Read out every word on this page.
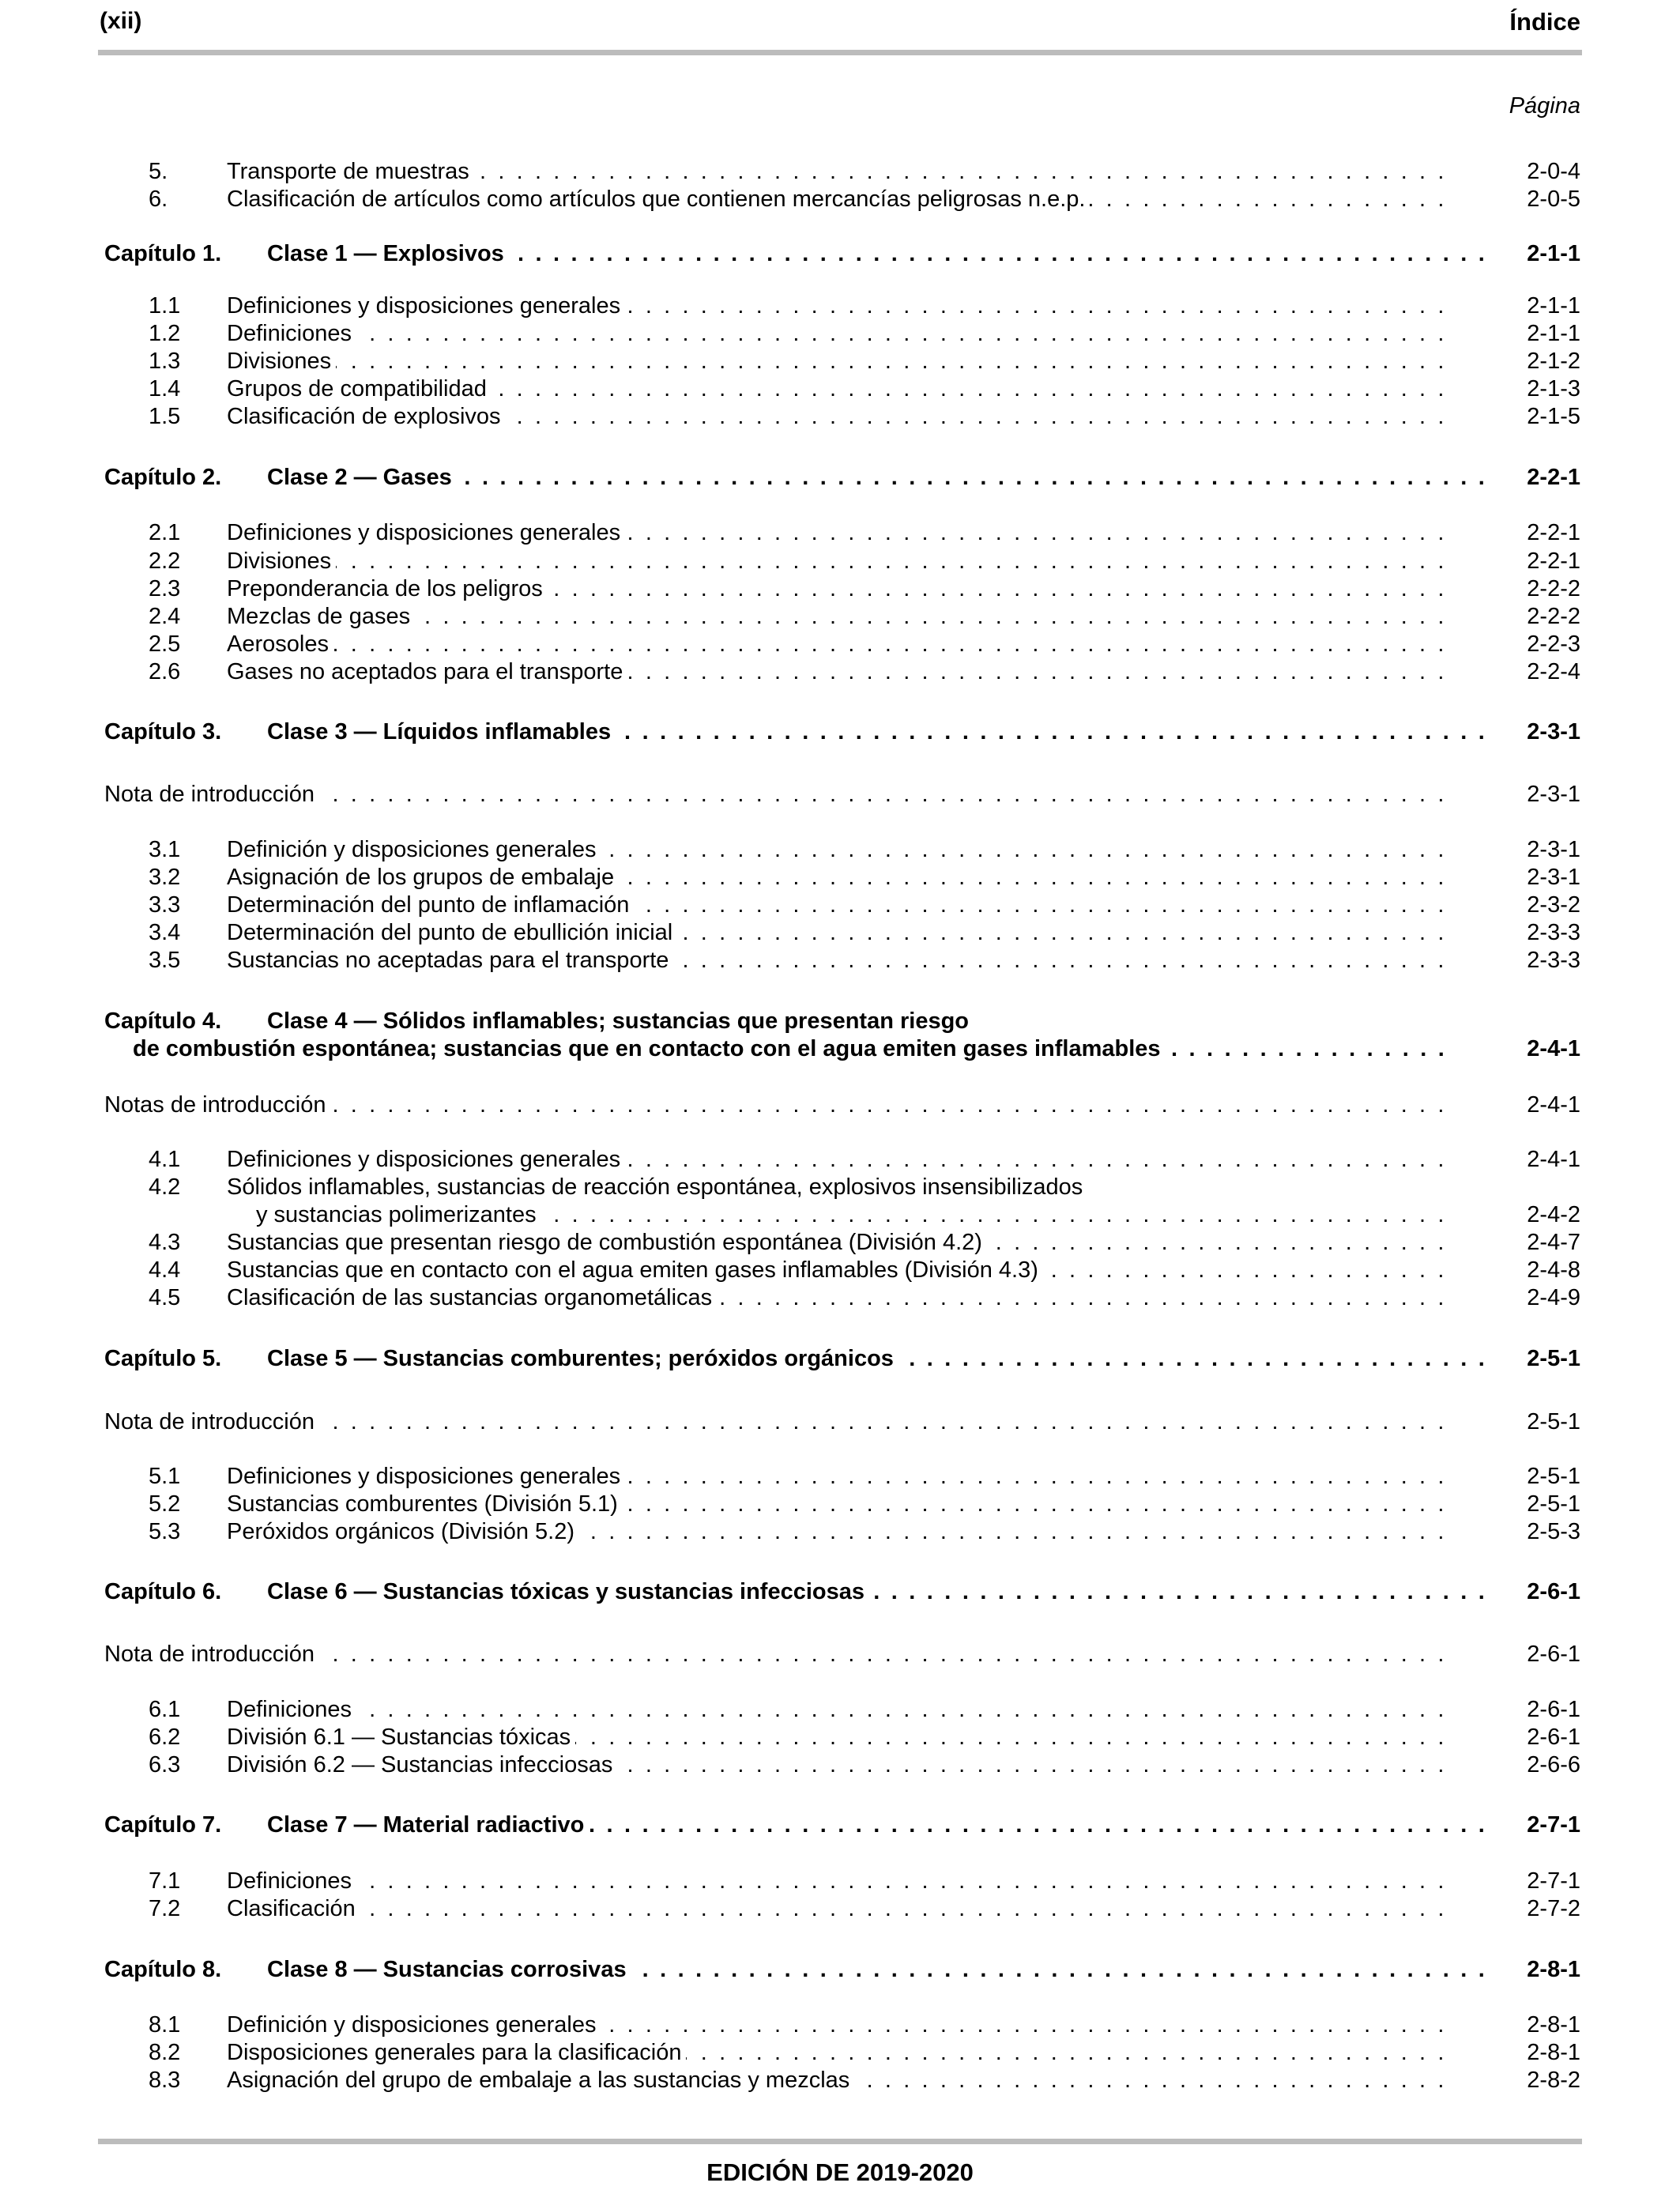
(xii)	Índice
Página
5.	Transporte de muestras . . .	2-0-4
6.	Clasificación de artículos como artículos que contienen mercancías peligrosas n.e.p. . . .	2-0-5
Capítulo 1. Clase 1 — Explosivos . . .	2-1-1
1.1 Definiciones y disposiciones generales . . .	2-1-1
1.2 Definiciones . . .	2-1-1
1.3 Divisiones . . .	2-1-2
1.4 Grupos de compatibilidad . . .	2-1-3
1.5 Clasificación de explosivos . . .	2-1-5
Capítulo 2. Clase 2 — Gases . . .	2-2-1
2.1 Definiciones y disposiciones generales . . .	2-2-1
2.2 Divisiones . . .	2-2-1
2.3 Preponderancia de los peligros . . .	2-2-2
2.4 Mezclas de gases . . .	2-2-2
2.5 Aerosoles . . .	2-2-3
2.6 Gases no aceptados para el transporte . . .	2-2-4
Capítulo 3. Clase 3 — Líquidos inflamables . . .	2-3-1
Nota de introducción . . .	2-3-1
3.1 Definición y disposiciones generales . . .	2-3-1
3.2 Asignación de los grupos de embalaje . . .	2-3-1
3.3 Determinación del punto de inflamación . . .	2-3-2
3.4 Determinación del punto de ebullición inicial . . .	2-3-3
3.5 Sustancias no aceptadas para el transporte . . .	2-3-3
Capítulo 4. Clase 4 — Sólidos inflamables; sustancias que presentan riesgo
de combustión espontánea; sustancias que en contacto con el agua emiten gases inflamables . . .	2-4-1
Notas de introducción . . .	2-4-1
4.1 Definiciones y disposiciones generales . . .	2-4-1
4.2 Sólidos inflamables, sustancias de reacción espontánea, explosivos insensibilizados
y sustancias polimerizantes . . .	2-4-2
4.3 Sustancias que presentan riesgo de combustión espontánea (División 4.2) . . .	2-4-7
4.4 Sustancias que en contacto con el agua emiten gases inflamables (División 4.3) . . .	2-4-8
4.5 Clasificación de las sustancias organometálicas . . .	2-4-9
Capítulo 5. Clase 5 — Sustancias comburentes; peróxidos orgánicos . . .	2-5-1
Nota de introducción . . .	2-5-1
5.1 Definiciones y disposiciones generales . . .	2-5-1
5.2 Sustancias comburentes (División 5.1) . . .	2-5-1
5.3 Peróxidos orgánicos (División 5.2) . . .	2-5-3
Capítulo 6. Clase 6 — Sustancias tóxicas y sustancias infecciosas . . .	2-6-1
Nota de introducción . . .	2-6-1
6.1 Definiciones . . .	2-6-1
6.2 División 6.1 — Sustancias tóxicas . . .	2-6-1
6.3 División 6.2 — Sustancias infecciosas . . .	2-6-6
Capítulo 7. Clase 7 — Material radiactivo . . .	2-7-1
7.1 Definiciones . . .	2-7-1
7.2 Clasificación . . .	2-7-2
Capítulo 8. Clase 8 — Sustancias corrosivas . . .	2-8-1
8.1 Definición y disposiciones generales . . .	2-8-1
8.2 Disposiciones generales para la clasificación . . .	2-8-1
8.3 Asignación del grupo de embalaje a las sustancias y mezclas . . .	2-8-2
EDICIÓN DE 2019-2020
